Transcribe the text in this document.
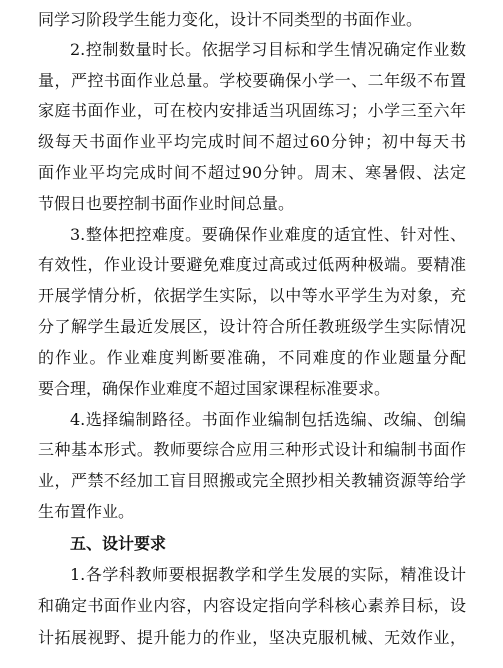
同学习阶段学生能力变化，设计不同类型的书面作业。
2.控制数量时长。依据学习目标和学生情况确定作业数
量，严控书面作业总量。学校要确保小学一、二年级不布置
家庭书面作业，可在校内安排适当巩固练习；小学三至六年
级每天书面作业平均完成时间不超过60分钟；初中每天书
面作业平均完成时间不超过90分钟。周末、寒暑假、法定
节假日也要控制书面作业时间总量。
3.整体把控难度。要确保作业难度的适宜性、针对性、
有效性，作业设计要避免难度过高或过低两种极端。要精准
开展学情分析，依据学生实际，以中等水平学生为对象，充
分了解学生最近发展区，设计符合所任教班级学生实际情况
的作业。作业难度判断要准确，不同难度的作业题量分配
要合理，确保作业难度不超过国家课程标准要求。
4.选择编制路径。书面作业编制包括选编、改编、创编
三种基本形式。教师要综合应用三种形式设计和编制书面作
业，严禁不经加工盲目照搬或完全照抄相关教辅资源等给学
生布置作业。
五、设计要求
1.各学科教师要根据教学和学生发展的实际，精准设计
和确定书面作业内容，内容设定指向学科核心素养目标，设
计拓展视野、提升能力的作业，坚决克服机械、无效作业，
